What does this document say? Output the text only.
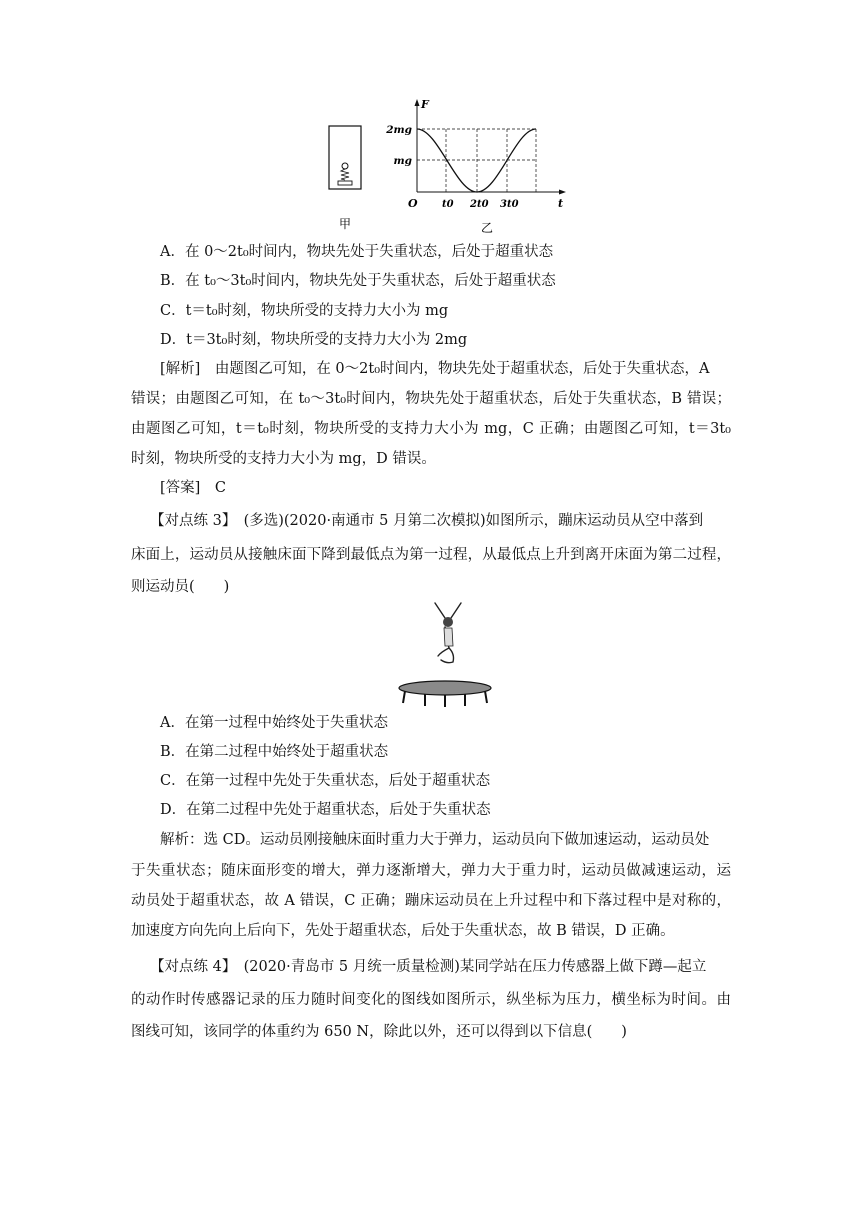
甲
F
t
O
2mg
mg
t0 2t0 3t0
乙
A．在 0～2t₀时间内，物块先处于失重状态，后处于超重状态
B．在 t₀～3t₀时间内，物块先处于失重状态，后处于超重状态
C．t＝t₀时刻，物块所受的支持力大小为 mg
D．t＝3t₀时刻，物块所受的支持力大小为 2mg
[解析]　由题图乙可知，在 0～2t₀时间内，物块先处于超重状态，后处于失重状态，A
错误；由题图乙可知，在 t₀～3t₀时间内，物块先处于超重状态，后处于失重状态，B 错误；
由题图乙可知，t＝t₀时刻，物块所受的支持力大小为 mg，C 正确；由题图乙可知，t＝3t₀
时刻，物块所受的支持力大小为 mg，D 错误。
[答案]　C
【对点练 3】　(多选)(2020·南通市 5 月第二次模拟)如图所示，蹦床运动员从空中落到
床面上，运动员从接触床面下降到最低点为第一过程，从最低点上升到离开床面为第二过程，
则运动员(　　)
A．在第一过程中始终处于失重状态
B．在第二过程中始终处于超重状态
C．在第一过程中先处于失重状态，后处于超重状态
D．在第二过程中先处于超重状态，后处于失重状态
解析：选 CD。运动员刚接触床面时重力大于弹力，运动员向下做加速运动，运动员处
于失重状态；随床面形变的增大，弹力逐渐增大，弹力大于重力时，运动员做减速运动，运
动员处于超重状态，故 A 错误，C 正确；蹦床运动员在上升过程中和下落过程中是对称的，
加速度方向先向上后向下，先处于超重状态，后处于失重状态，故 B 错误，D 正确。
【对点练 4】　(2020·青岛市 5 月统一质量检测)某同学站在压力传感器上做下蹲—起立
的动作时传感器记录的压力随时间变化的图线如图所示，纵坐标为压力，横坐标为时间。由
图线可知，该同学的体重约为 650 N，除此以外，还可以得到以下信息(　　)
